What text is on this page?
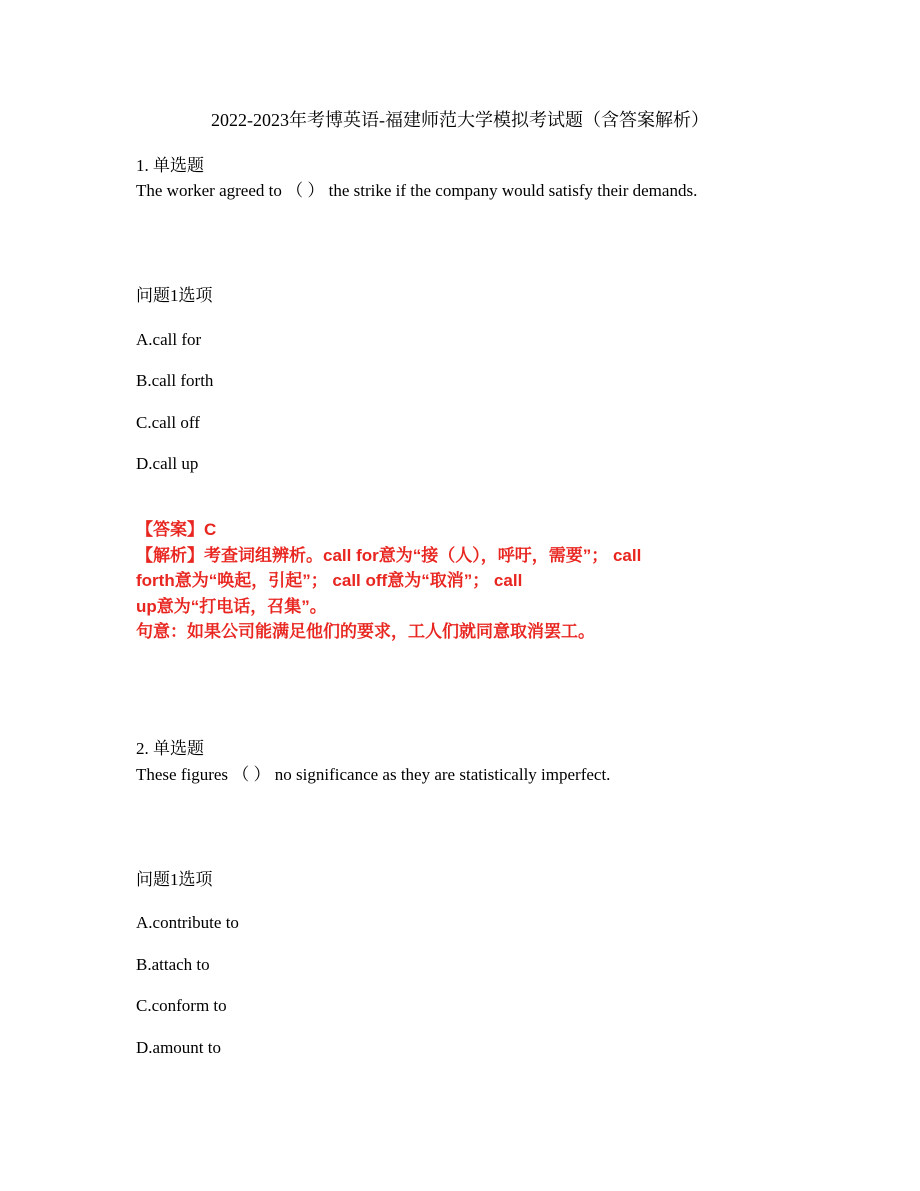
2022-2023年考博英语-福建师范大学模拟考试题（含答案解析）
1. 单选题
The worker agreed to （ ） the strike if the company would satisfy their demands.
问题1选项
A.call for
B.call forth
C.call off
D.call up
【答案】C
【解析】考查词组辨析。call for意为“接（人），呼吁，需要”； call
forth意为“唤起，引起”； call off意为“取消”； call
up意为“打电话，召集”。
句意：如果公司能满足他们的要求，工人们就同意取消罢工。
2. 单选题
These figures （ ） no significance as they are statistically imperfect.
问题1选项
A.contribute to
B.attach to
C.conform to
D.amount to
